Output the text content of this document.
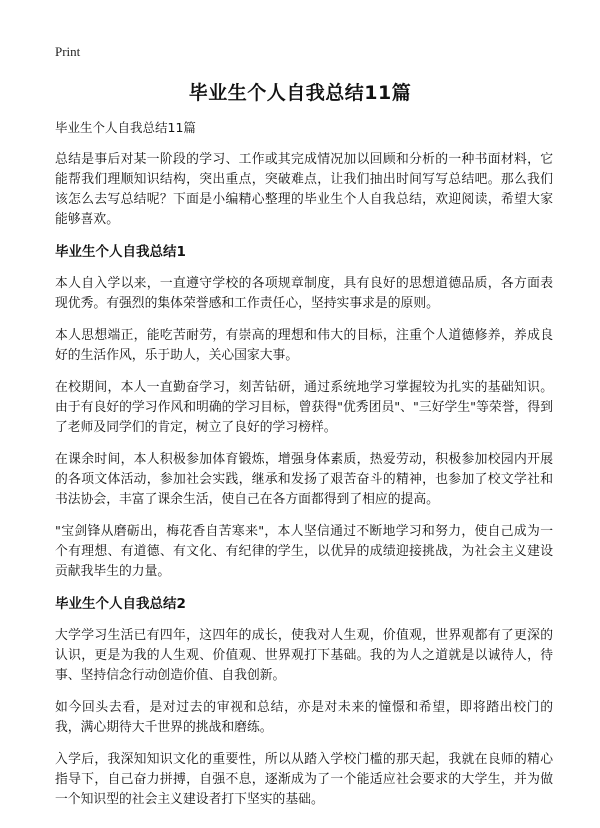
Print
毕业生个人自我总结11篇

毕业生个人自我总结11篇

总结是事后对某一阶段的学习、工作或其完成情况加以回顾和分析的一种书面材料，它能帮我们理顺知识结构，突出重点，突破难点，让我们抽出时间写写总结吧。那么我们该怎么去写总结呢？下面是小编精心整理的毕业生个人自我总结，欢迎阅读，希望大家能够喜欢。

毕业生个人自我总结1

本人自入学以来，一直遵守学校的各项规章制度，具有良好的思想道德品质，各方面表现优秀。有强烈的集体荣誉感和工作责任心，坚持实事求是的原则。

本人思想端正，能吃苦耐劳，有崇高的理想和伟大的目标，注重个人道德修养，养成良好的生活作风，乐于助人，关心国家大事。

在校期间，本人一直勤奋学习，刻苦钻研，通过系统地学习掌握较为扎实的基础知识。由于有良好的学习作风和明确的学习目标，曾获得"优秀团员"、"三好学生"等荣誉，得到了老师及同学们的肯定，树立了良好的学习榜样。

在课余时间，本人积极参加体育锻炼，增强身体素质，热爱劳动，积极参加校园内开展的各项文体活动，参加社会实践，继承和发扬了艰苦奋斗的精神，也参加了校文学社和书法协会，丰富了课余生活，使自己在各方面都得到了相应的提高。

"宝剑锋从磨砺出，梅花香自苦寒来"，本人坚信通过不断地学习和努力，使自己成为一个有理想、有道德、有文化、有纪律的学生，以优异的成绩迎接挑战，为社会主义建设贡献我毕生的力量。

毕业生个人自我总结2

大学学习生活已有四年，这四年的成长，使我对人生观，价值观，世界观都有了更深的认识，更是为我的人生观、价值观、世界观打下基础。我的为人之道就是以诚待人，待事、坚持信念行动创造价值、自我创新。

如今回头去看，是对过去的审视和总结，亦是对未来的憧憬和希望，即将踏出校门的我，满心期待大千世界的挑战和磨练。

入学后，我深知知识文化的重要性，所以从踏入学校门槛的那天起，我就在良师的精心指导下，自己奋力拼搏，自强不息，逐渐成为了一个能适应社会要求的大学生，并为做一个知识型的社会主义建设者打下坚实的基础。
